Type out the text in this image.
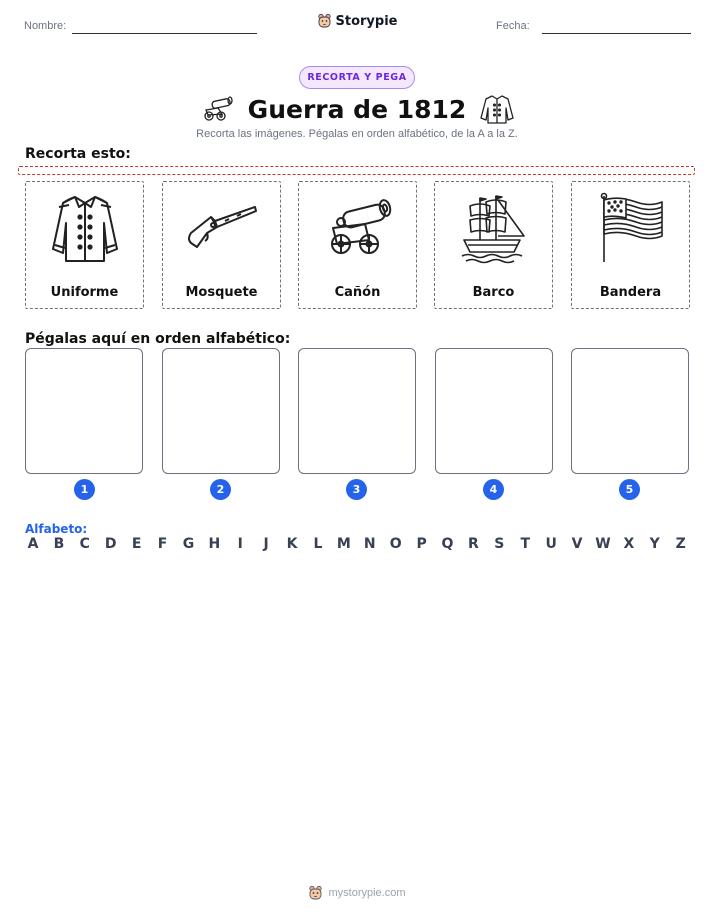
Nombre:	Storypie	Fecha:
RECORTA Y PEGA
Guerra de 1812
Recorta las imágenes. Pégalas en orden alfabético, de la A a la Z.
Recorta esto:
Uniforme	Mosquete	Cañón	Barco	Bandera
Pégalas aquí en orden alfabético:
1	2	3	4	5
Alfabeto:
A B C D E F G H	I	J	K L M N O P Q R S T U V W X Y Z
mystorypie.com
